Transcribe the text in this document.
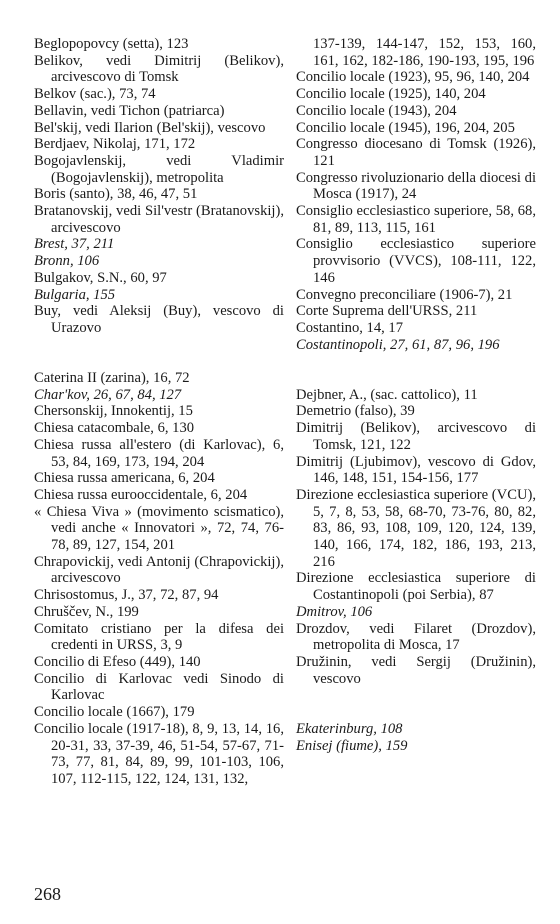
Beglopopovcy (setta), 123

Belikov, vedi Dimitrij (Belikov), arcivescovo di Tomsk

Belkov (sac.), 73, 74

Bellavin, vedi Tichon (patriarca)

Bel'skij, vedi Ilarion (Bel'skij), vescovo

Berdjaev, Nikolaj, 171, 172

Bogojavlenskij, vedi Vladimir (Bogojavlenskij), metropolita

Boris (santo), 38, 46, 47, 51

Bratanovskij, vedi Sil'vestr (Bratanovskij), arcivescovo

Brest, 37, 211

Bronn, 106

Bulgakov, S.N., 60, 97

Bulgaria, 155

Buy, vedi Aleksij (Buy), vescovo di Urazovo

Caterina II (zarina), 16, 72

Char'kov, 26, 67, 84, 127

Chersonskij, Innokentij, 15

Chiesa catacombale, 6, 130

Chiesa russa all'estero (di Karlovac), 6, 53, 84, 169, 173, 194, 204

Chiesa russa americana, 6, 204

Chiesa russa eurooccidentale, 6, 204

« Chiesa Viva » (movimento scismatico), vedi anche « Innovatori », 72, 74, 76-78, 89, 127, 154, 201

Chrapovickij, vedi Antonij (Chrapovickij), arcivescovo

Chrisostomus, J., 37, 72, 87, 94

Chruščev, N., 199

Comitato cristiano per la difesa dei credenti in URSS, 3, 9

Concilio di Efeso (449), 140

Concilio di Karlovac vedi Sinodo di Karlovac

Concilio locale (1667), 179

Concilio locale (1917-18), 8, 9, 13, 14, 16, 20-31, 33, 37-39, 46, 51-54, 57-67, 71-73, 77, 81, 84, 89, 99, 101-103, 106, 107, 112-115, 122, 124, 131, 132,

137-139, 144-147, 152, 153, 160, 161, 162, 182-186, 190-193, 195, 196

Concilio locale (1923), 95, 96, 140, 204

Concilio locale (1925), 140, 204

Concilio locale (1943), 204

Concilio locale (1945), 196, 204, 205

Congresso diocesano di Tomsk (1926), 121

Congresso rivoluzionario della diocesi di Mosca (1917), 24

Consiglio ecclesiastico superiore, 58, 68, 81, 89, 113, 115, 161

Consiglio ecclesiastico superiore provvisorio (VVCS), 108-111, 122, 146

Convegno preconciliare (1906-7), 21

Corte Suprema dell'URSS, 211

Costantino, 14, 17

Costantinopoli, 27, 61, 87, 96, 196

Dejbner, A., (sac. cattolico), 11

Demetrio (falso), 39

Dimitrij (Belikov), arcivescovo di Tomsk, 121, 122

Dimitrij (Ljubimov), vescovo di Gdov, 146, 148, 151, 154-156, 177

Direzione ecclesiastica superiore (VCU), 5, 7, 8, 53, 58, 68-70, 73-76, 80, 82, 83, 86, 93, 108, 109, 120, 124, 139, 140, 166, 174, 182, 186, 193, 213, 216

Direzione ecclesiastica superiore di Costantinopoli (poi Serbia), 87

Dmitrov, 106

Drozdov, vedi Filaret (Drozdov), metropolita di Mosca, 17

Družinin, vedi Sergij (Družinin), vescovo

Ekaterinburg, 108

Enisej (fiume), 159

268
